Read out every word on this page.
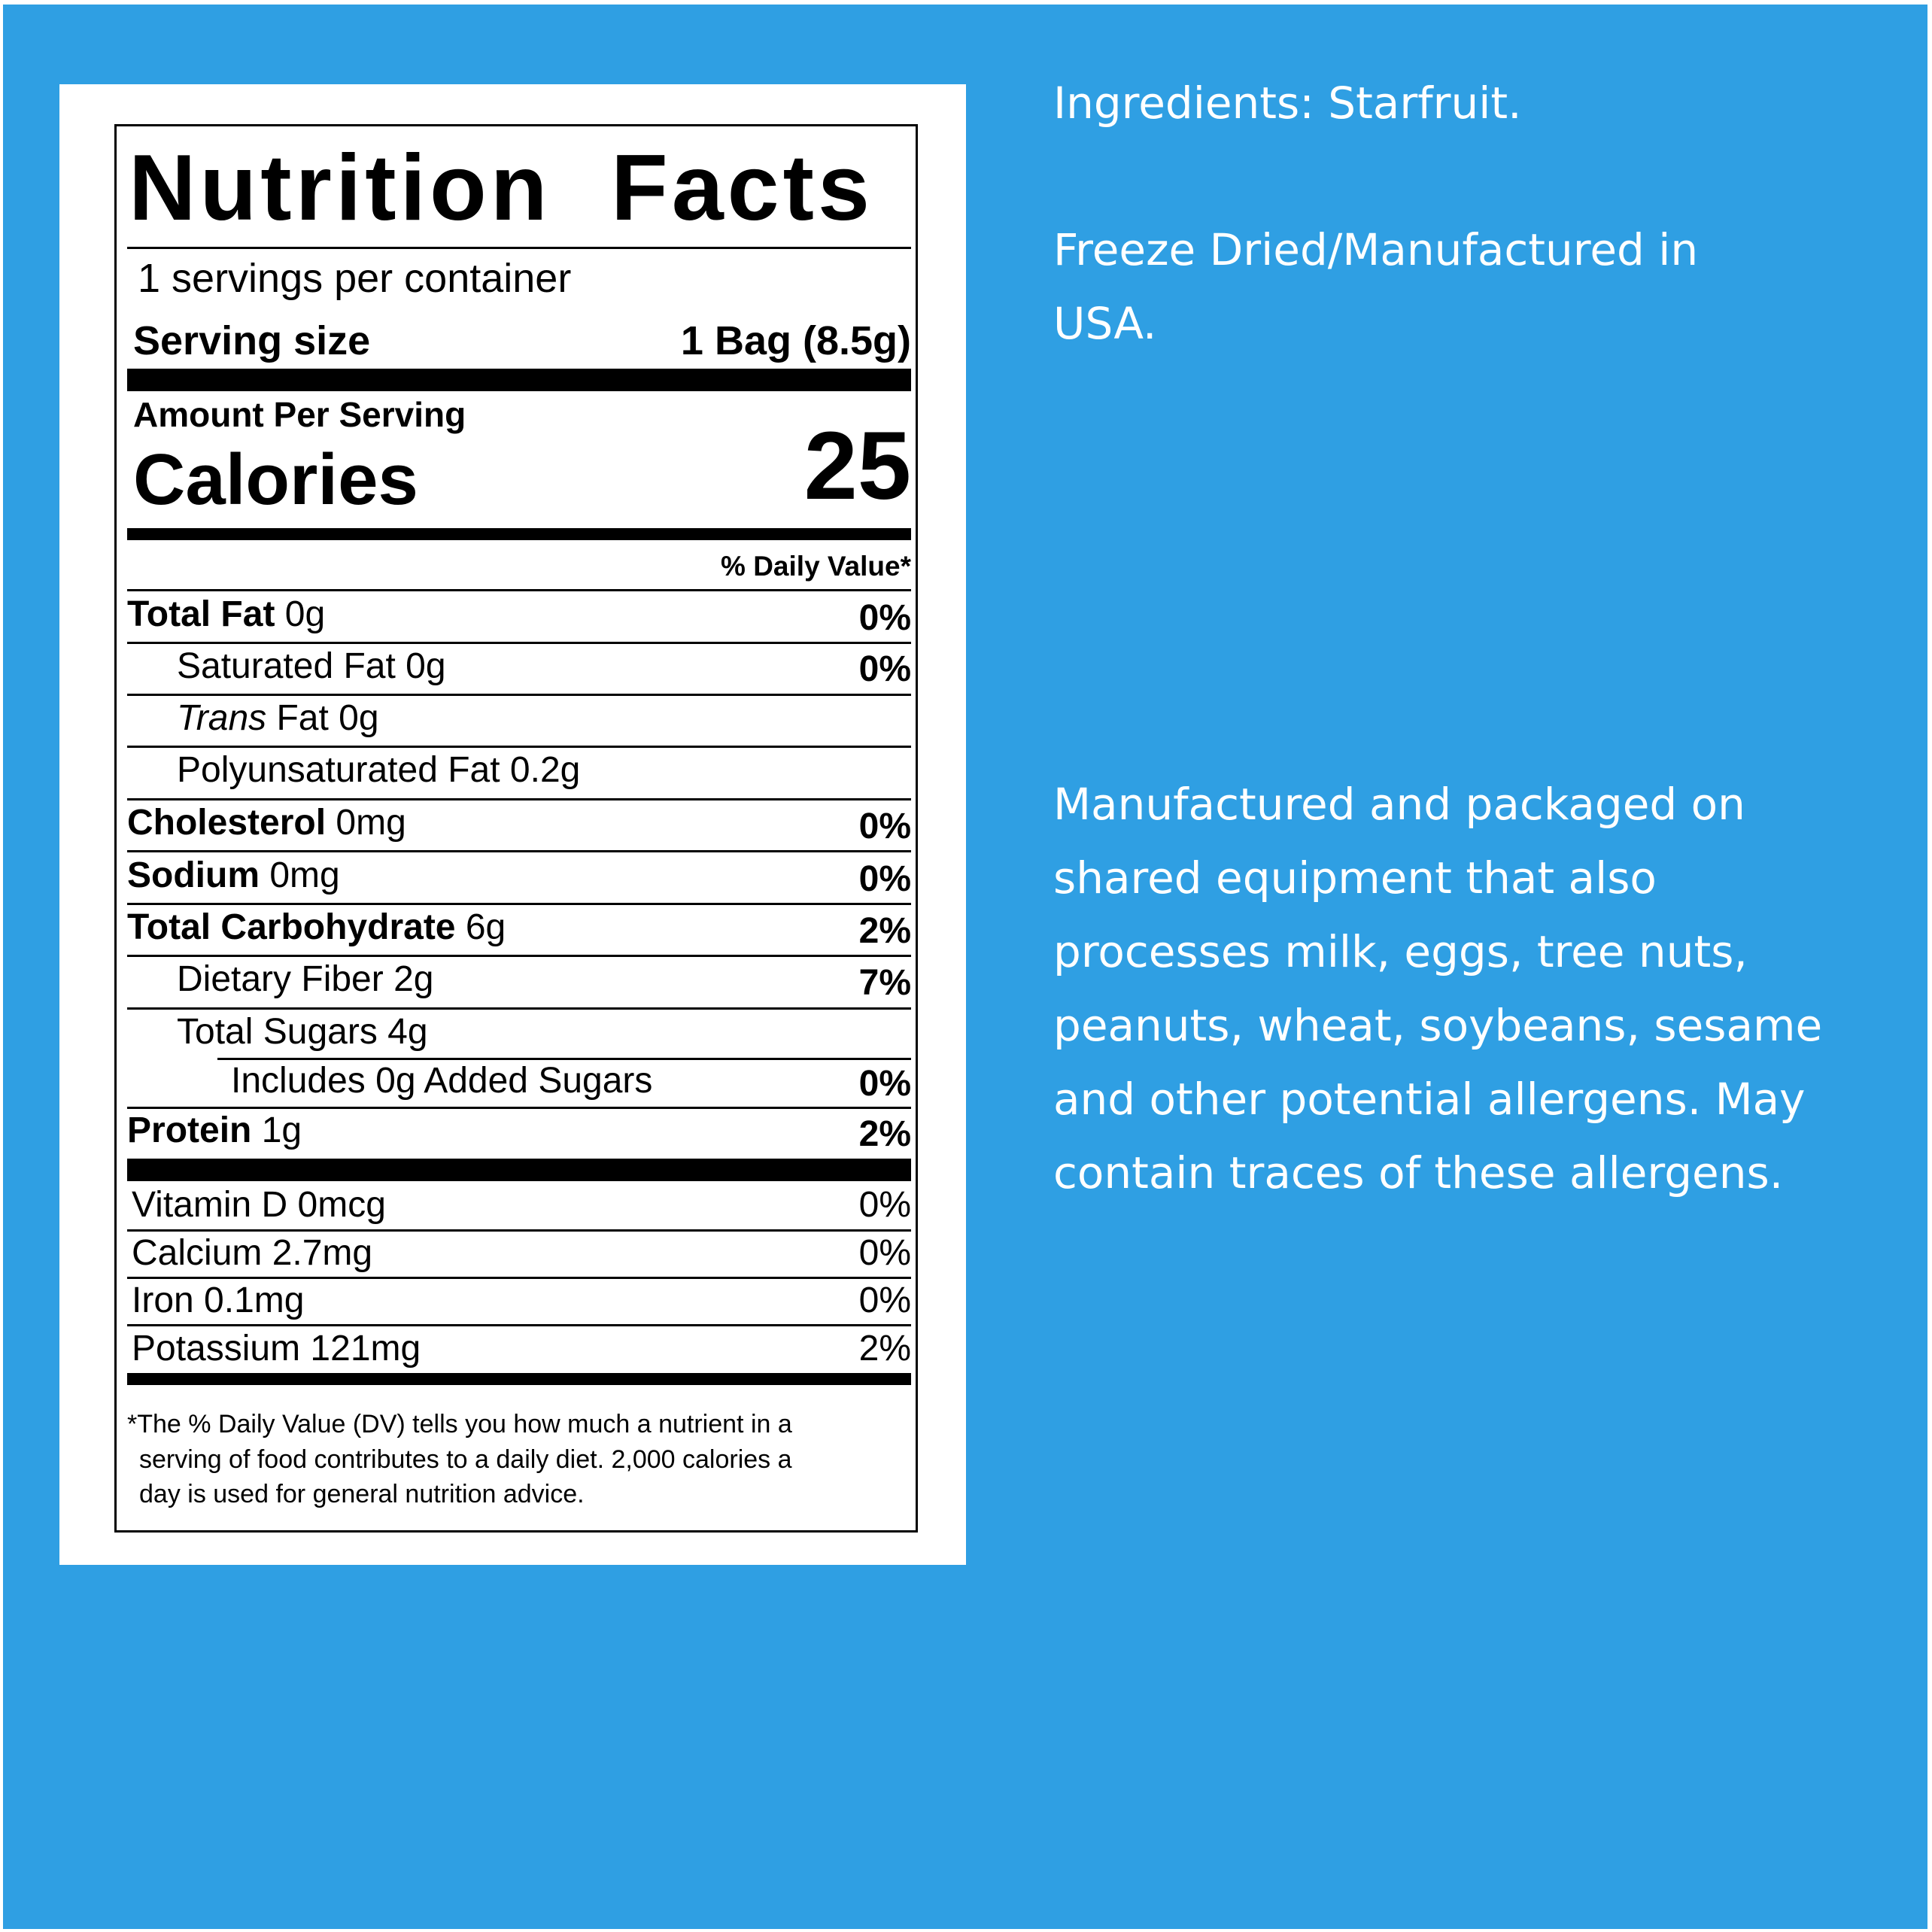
Nutrition Facts
1 servings per container
Serving size	1 Bag (8.5g)
Amount Per Serving
Calories	25
% Daily Value*
Total Fat 0g	0%
Saturated Fat 0g	0%
Trans Fat 0g
Polyunsaturated Fat 0.2g
Cholesterol 0mg	0%
Sodium 0mg	0%
Total Carbohydrate 6g	2%
Dietary Fiber 2g	7%
Total Sugars 4g
Includes 0g Added Sugars	0%
Protein 1g	2%
Vitamin D 0mcg	0%
Calcium 2.7mg	0%
Iron 0.1mg	0%
Potassium 121mg	2%
*The % Daily Value (DV) tells you how much a nutrient in a
serving of food contributes to a daily diet. 2,000 calories a
day is used for general nutrition advice.
Ingredients: Starfruit.
Freeze Dried/Manufactured in
USA.
Manufactured and packaged on
shared equipment that also
processes milk, eggs, tree nuts,
peanuts, wheat, soybeans, sesame
and other potential allergens. May
contain traces of these allergens.
